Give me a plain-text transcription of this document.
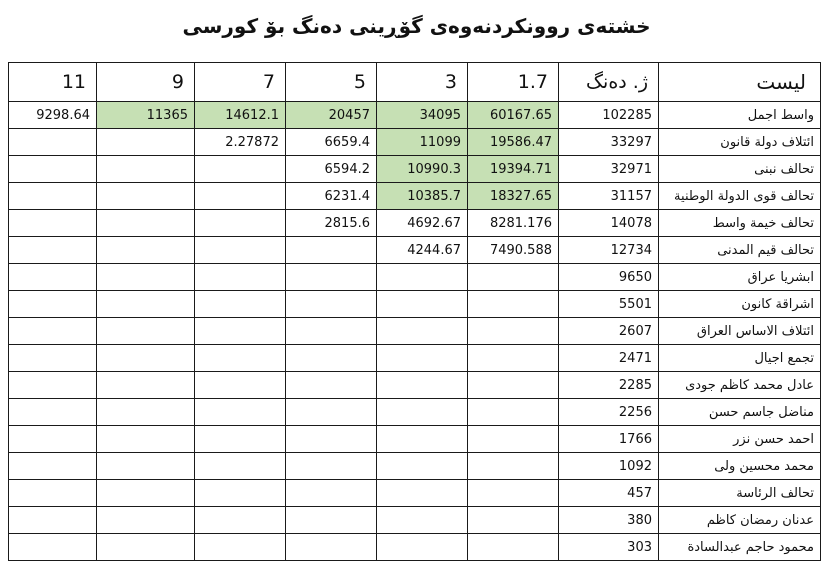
خشتەی روونکردنەوەی گۆڕینی دەنگ بۆ کورسی
11	9	7	5	3	1.7	ژ. دەنگ	لیست
9298.64	11365	14612.1	20457	34095	60167.65	102285	واسط اجمل
		2.27872	6659.4	11099	19586.47	33297	ائتلاف دولة قانون
			6594.2	10990.3	19394.71	32971	تحالف نبنى
			6231.4	10385.7	18327.65	31157	تحالف قوى الدولة الوطنية
			2815.6	4692.67	8281.176	14078	تحالف خيمة واسط
				4244.67	7490.588	12734	تحالف قيم المدنى
						9650	ابشريا عراق
						5501	اشراقة كانون
						2607	ائتلاف الاساس العراق
						2471	تجمع اجيال
						2285	عادل محمد كاظم جودى
						2256	مناضل جاسم حسن
						1766	احمد حسن نزر
						1092	محمد محسين ولى
						457	تحالف الرئاسة
						380	عدنان رمضان كاظم
						303	محمود حاجم عبدالسادة
